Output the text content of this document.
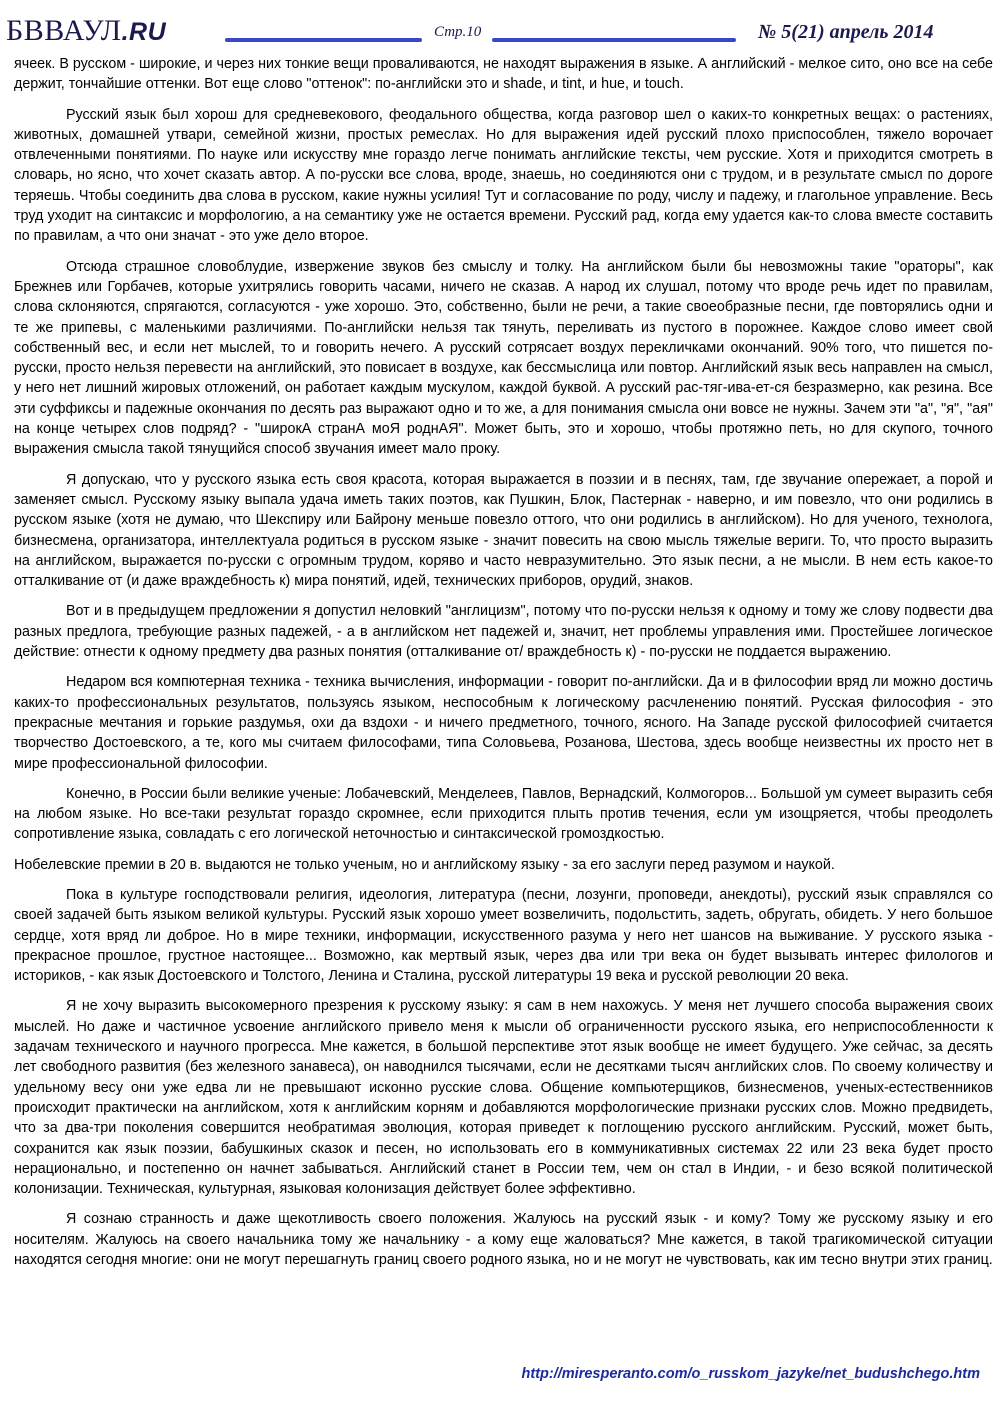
БВВАУЛ.RU	Стр.10	№ 5(21) апрель 2014

ячеек. В русском - широкие, и через них тонкие вещи проваливаются, не находят выражения в языке. А английский - мелкое сито, оно все на себе держит, тончайшие оттенки. Вот еще слово "оттенок": по-английски это и shade, и tint, и hue, и touch.

Русский язык был хорош для средневекового, феодального общества, когда разговор шел о каких-то конкретных вещах: о растениях, животных, домашней утвари, семейной жизни, простых ремеслах. Но для выражения идей русский плохо приспособлен, тяжело ворочает отвлеченными понятиями. По науке или искусству мне гораздо легче понимать английские тексты, чем русские. Хотя и приходится смотреть в словарь, но ясно, что хочет сказать автор. А по-русски все слова, вроде, знаешь, но соединяются они с трудом, и в результате смысл по дороге теряешь. Чтобы соединить два слова в русском, какие нужны усилия! Тут и согласование по роду, числу и падежу, и глагольное управление. Весь труд уходит на синтаксис и морфологию, а на семантику уже не остается времени. Русский рад, когда ему удается как-то слова вместе составить по правилам, а что они значат - это уже дело второе.

Отсюда страшное словоблудие, извержение звуков без смыслу и толку. На английском были бы невозможны такие "ораторы", как Брежнев или Горбачев, которые ухитрялись говорить часами, ничего не сказав. А народ их слушал, потому что вроде речь идет по правилам, слова склоняются, спрягаются, согласуются - уже хорошо. Это, собственно, были не речи, а такие своеобразные песни, где повторялись одни и те же припевы, с маленькими различиями. По-английски нельзя так тянуть, переливать из пустого в порожнее. Каждое слово имеет свой собственный вес, и если нет мыслей, то и говорить нечего. А русский сотрясает воздух перекличками окончаний. 90% того, что пишется по-русски, просто нельзя перевести на английский, это повисает в воздухе, как бессмыслица или повтор. Английский язык весь направлен на смысл, у него нет лишний жировых отложений, он работает каждым мускулом, каждой буквой. А русский рас-тяг-ива-ет-ся безразмерно, как резина. Все эти суффиксы и падежные окончания по десять раз выражают одно и то же, а для понимания смысла они вовсе не нужны. Зачем эти "а", "я", "ая" на конце четырех слов подряд? - "широкА странА моЯ роднАЯ". Может быть, это и хорошо, чтобы протяжно петь, но для скупого, точного выражения смысла такой тянущийся способ звучания имеет мало проку.

Я допускаю, что у русского языка есть своя красота, которая выражается в поэзии и в песнях, там, где звучание опережает, а порой и заменяет смысл. Русскому языку выпала удача иметь таких поэтов, как Пушкин, Блок, Пастернак - наверно, и им повезло, что они родились в русском языке (хотя не думаю, что Шекспиру или Байрону меньше повезло оттого, что они родились в английском). Но для ученого, технолога, бизнесмена, организатора, интеллектуала родиться в русском языке - значит повесить на свою мысль тяжелые вериги. То, что просто выразить на английском, выражается по-русски с огромным трудом, коряво и часто невразумительно. Это язык песни, а не мысли. В нем есть какое-то отталкивание от (и даже враждебность к) мира понятий, идей, технических приборов, орудий, знаков.

Вот и в предыдущем предложении я допустил неловкий "англицизм", потому что по-русски нельзя к одному и тому же слову подвести два разных предлога, требующие разных падежей, - а в английском нет падежей и, значит, нет проблемы управления ими. Простейшее логическое действие: отнести к одному предмету два разных понятия (отталкивание от/ враждебность к) - по-русски не поддается выражению.

Недаром вся компютерная техника - техника вычисления, информации - говорит по-английски. Да и в философии вряд ли можно достичь каких-то профессиональных результатов, пользуясь языком, неспособным к логическому расчленению понятий. Русская философия - это прекрасные мечтания и горькие раздумья, охи да вздохи - и ничего предметного, точного, ясного. На Западе русской философией считается творчество Достоевского, а те, кого мы считаем философами, типа Соловьева, Розанова, Шестова, здесь вообще неизвестны их просто нет в мире профессиональной философии.

Конечно, в России были великие ученые: Лобачевский, Менделеев, Павлов, Вернадский, Колмогоров... Большой ум сумеет выразить себя на любом языке. Но все-таки результат гораздо скромнее, если приходится плыть против течения, если ум изощряется, чтобы преодолеть сопротивление языка, совладать с его логической неточностью и синтаксической громоздкостью.

Нобелевские премии в 20 в. выдаются не только ученым, но и английскому языку - за его заслуги перед разумом и наукой.

Пока в культуре господствовали религия, идеология, литература (песни, лозунги, проповеди, анекдоты), русский язык справлялся со своей задачей быть языком великой культуры. Русский язык хорошо умеет возвеличить, подольстить, задеть, обругать, обидеть. У него большое сердце, хотя вряд ли доброе. Но в мире техники, информации, искусственного разума у него нет шансов на выживание. У русского языка - прекрасное прошлое, грустное настоящее... Возможно, как мертвый язык, через два или три века он будет вызывать интерес филологов и историков, - как язык Достоевского и Толстого, Ленина и Сталина, русской литературы 19 века и русской революции 20 века.

Я не хочу выразить высокомерного презрения к русскому языку: я сам в нем нахожусь. У меня нет лучшего способа выражения своих мыслей. Но даже и частичное усвоение английского привело меня к мысли об ограниченности русского языка, его неприспособленности к задачам технического и научного прогресса. Мне кажется, в большой перспективе этот язык вообще не имеет будущего. Уже сейчас, за десять лет свободного развития (без железного занавеса), он наводнился тысячами, если не десятками тысяч английских слов. По своему количеству и удельному весу они уже едва ли не превышают исконно русские слова. Общение компьютерщиков, бизнесменов, ученых-естественников происходит практически на английском, хотя к английским корням и добавляются морфологические признаки русских слов. Можно предвидеть, что за два-три поколения совершится необратимая эволюция, которая приведет к поглощению русского английским. Русский, может быть, сохранится как язык поэзии, бабушкиных сказок и песен, но использовать его в коммуникативных системах 22 или 23 века будет просто нерационально, и постепенно он начнет забываться. Английский станет в России тем, чем он стал в Индии, - и безо всякой политической колонизации. Техническая, культурная, языковая колонизация действует более эффективно.

Я сознаю странность и даже щекотливость своего положения. Жалуюсь на русский язык - и кому? Тому же русскому языку и его носителям. Жалуюсь на своего начальника тому же начальнику - а кому еще жаловаться? Мне кажется, в такой трагикомической ситуации находятся сегодня многие: они не могут перешагнуть границ своего родного языка, но и не могут не чувствовать, как им тесно внутри этих границ.

http://miresperanto.com/o_russkom_jazyke/net_budushchego.htm
